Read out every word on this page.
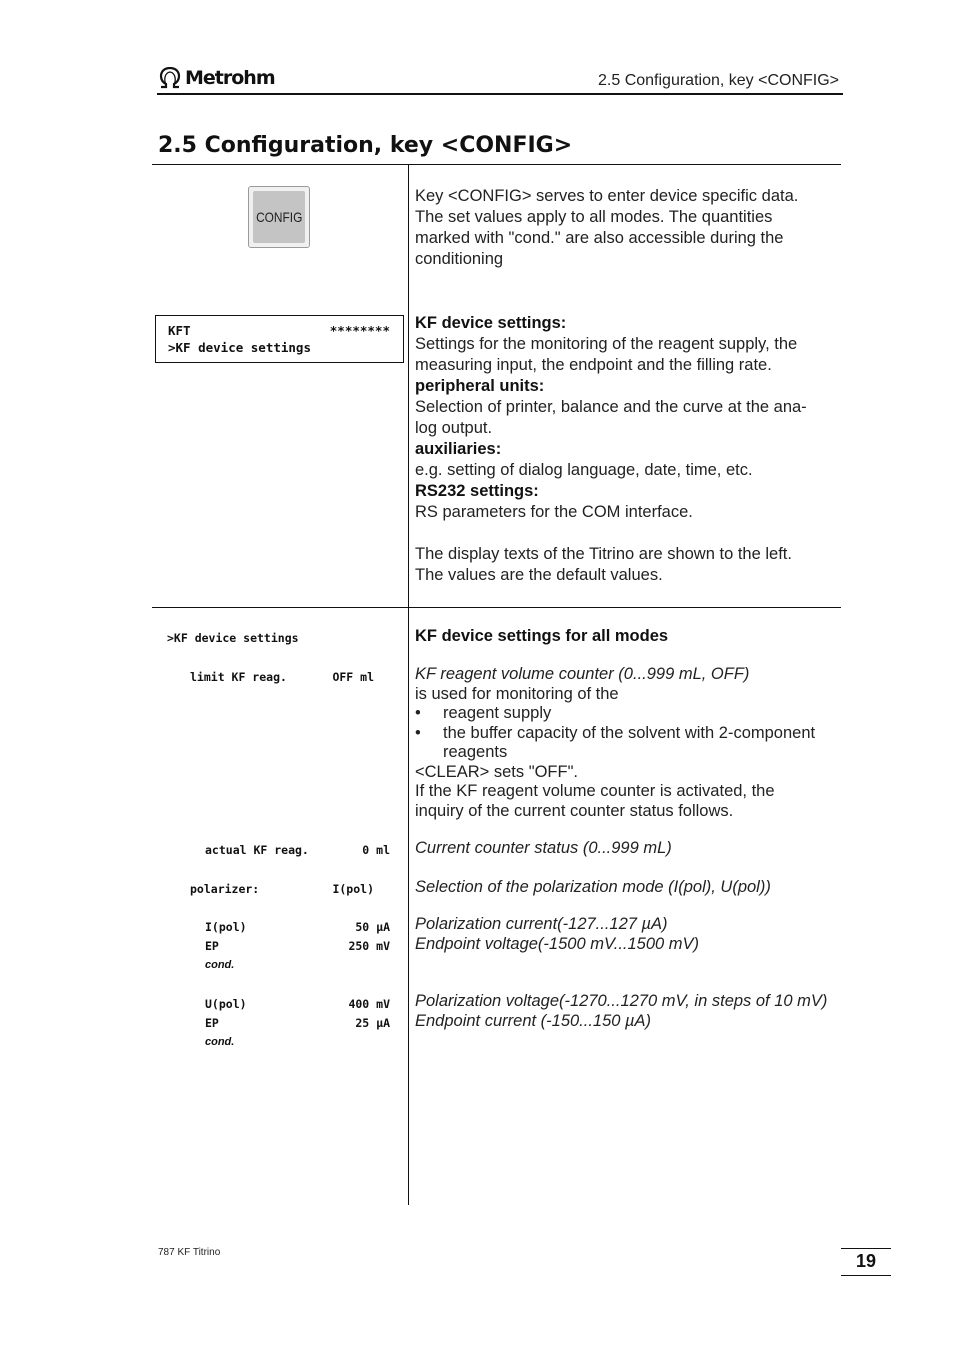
Metrohm	2.5 Configuration, key <CONFIG>
2.5 Configuration, key <CONFIG>
CONFIG
KFT	********
>KF device settings
Key <CONFIG> serves to enter device specific data.
The set values apply to all modes. The quantities
marked with "cond." are also accessible during the
conditioning
KF device settings:
Settings for the monitoring of the reagent supply, the
measuring input, the endpoint and the filling rate.
peripheral units:
Selection of printer, balance and the curve at the ana-
log output.
auxiliaries:
e.g. setting of dialog language, date, time, etc.
RS232 settings:
RS parameters for the COM interface.
The display texts of the Titrino are shown to the left.
The values are the default values.
>KF device settings
limit KF reag.	OFF ml
actual KF reag.	0 ml
polarizer:	I(pol)
I(pol)	50 µA
EP	250 mV
cond.
U(pol)	400 mV
EP	25 µA
cond.
KF device settings for all modes
KF reagent volume counter (0...999 mL, OFF)
is used for monitoring of the
•	reagent supply
•	the buffer capacity of the solvent with 2-component
reagents
<CLEAR> sets "OFF".
If the KF reagent volume counter is activated, the
inquiry of the current counter status follows.
Current counter status (0...999 mL)
Selection of the polarization mode (I(pol), U(pol))
Polarization current(-127...127 µA)
Endpoint voltage(-1500 mV...1500 mV)
Polarization voltage(-1270...1270 mV, in steps of 10 mV)
Endpoint current (-150...150 µA)
787 KF Titrino	19
